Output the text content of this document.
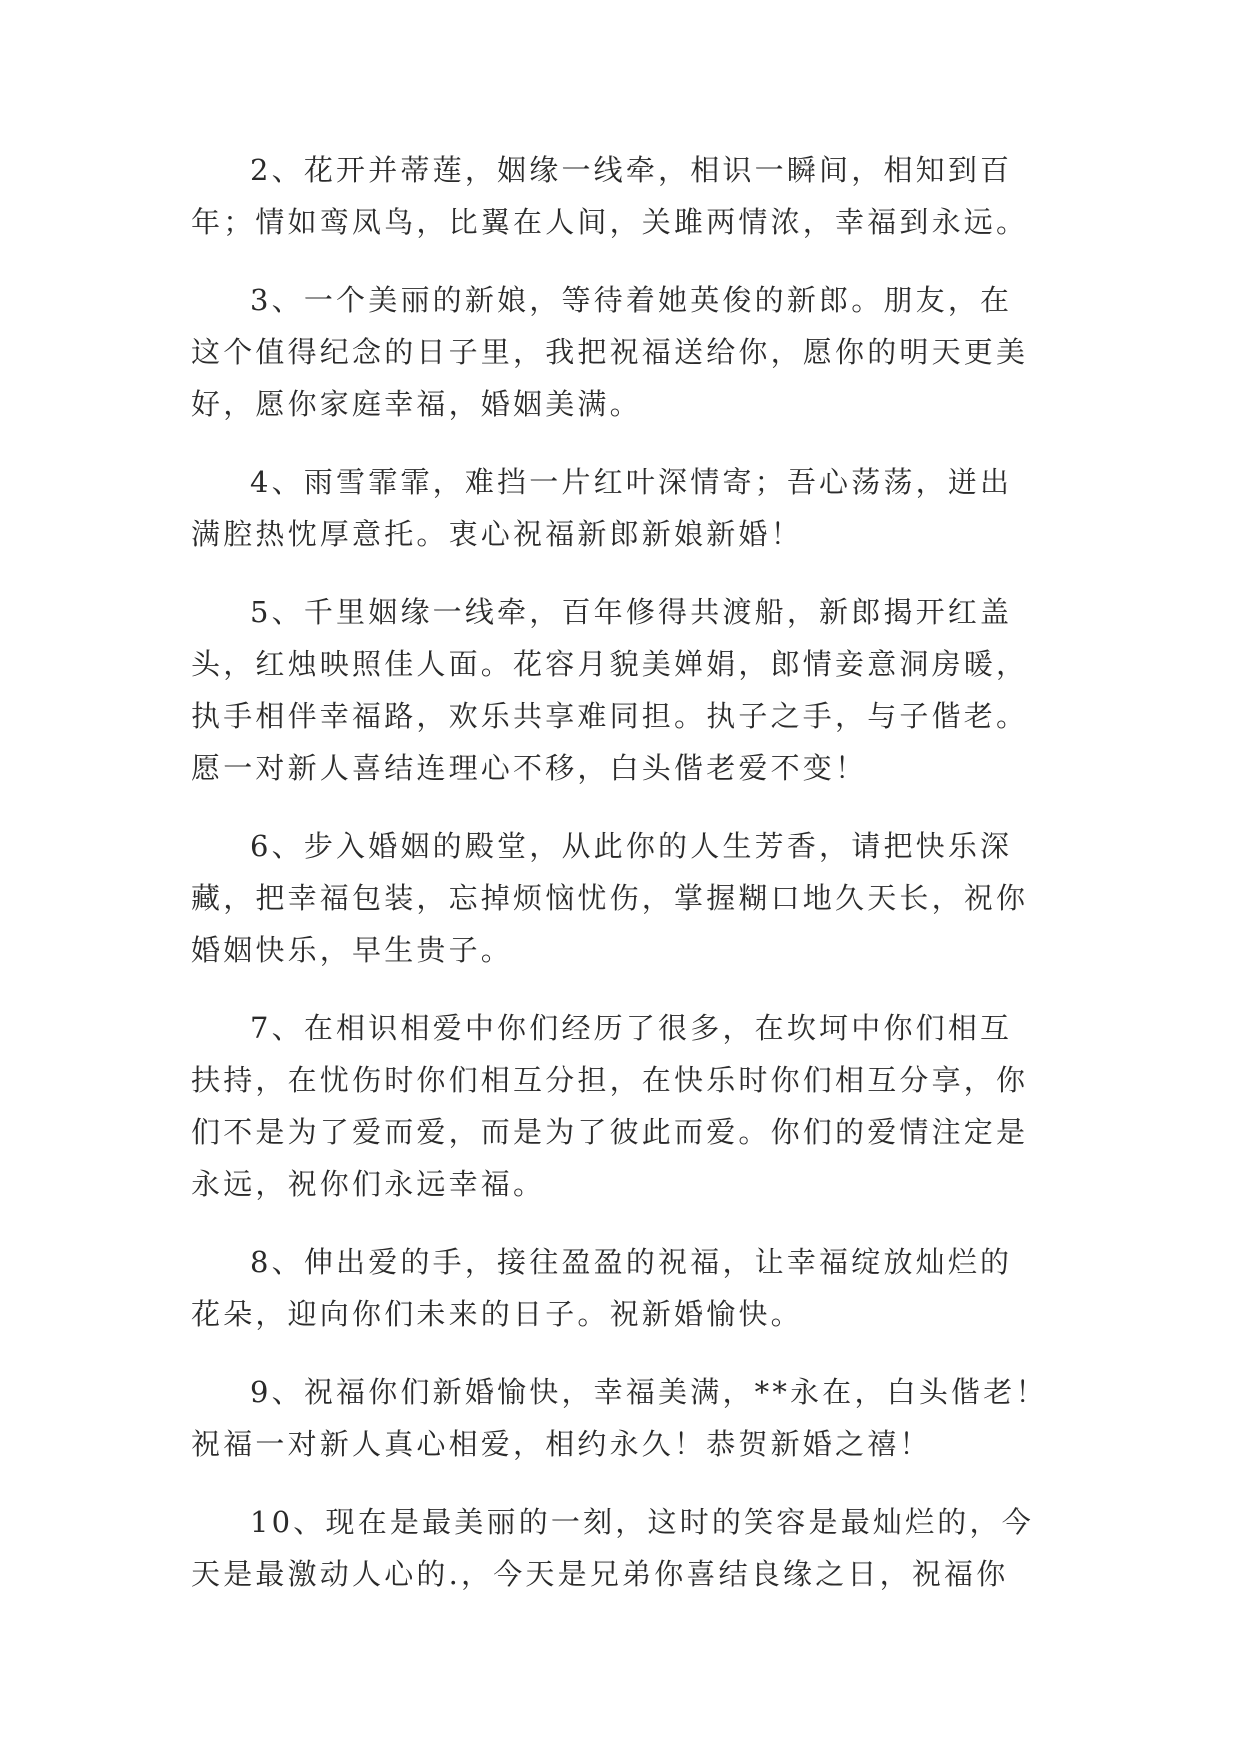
2、花开并蒂莲，姻缘一线牵，相识一瞬间，相知到百

年；情如鸾凤鸟，比翼在人间，关雎两情浓，幸福到永远。

3、一个美丽的新娘，等待着她英俊的新郎。朋友，在

这个值得纪念的日子里，我把祝福送给你，愿你的明天更美

好，愿你家庭幸福，婚姻美满。

4、雨雪霏霏，难挡一片红叶深情寄；吾心荡荡，迸出

满腔热忱厚意托。衷心祝福新郎新娘新婚！

5、千里姻缘一线牵，百年修得共渡船，新郎揭开红盖

头，红烛映照佳人面。花容月貌美婵娟，郎情妾意洞房暖，

执手相伴幸福路，欢乐共享难同担。执子之手，与子偕老。

愿一对新人喜结连理心不移，白头偕老爱不变！

6、步入婚姻的殿堂，从此你的人生芳香，请把快乐深

藏，把幸福包装，忘掉烦恼忧伤，掌握糊口地久天长，祝你

婚姻快乐，早生贵子。

7、在相识相爱中你们经历了很多，在坎坷中你们相互

扶持，在忧伤时你们相互分担，在快乐时你们相互分享，你

们不是为了爱而爱，而是为了彼此而爱。你们的爱情注定是

永远，祝你们永远幸福。

8、伸出爱的手，接往盈盈的祝福，让幸福绽放灿烂的

花朵，迎向你们未来的日子。祝新婚愉快。

9、祝福你们新婚愉快，幸福美满，**永在，白头偕老！

祝福一对新人真心相爱，相约永久！恭贺新婚之禧！

10、现在是最美丽的一刻，这时的笑容是最灿烂的，今

天是最激动人心的.，今天是兄弟你喜结良缘之日，祝福你
